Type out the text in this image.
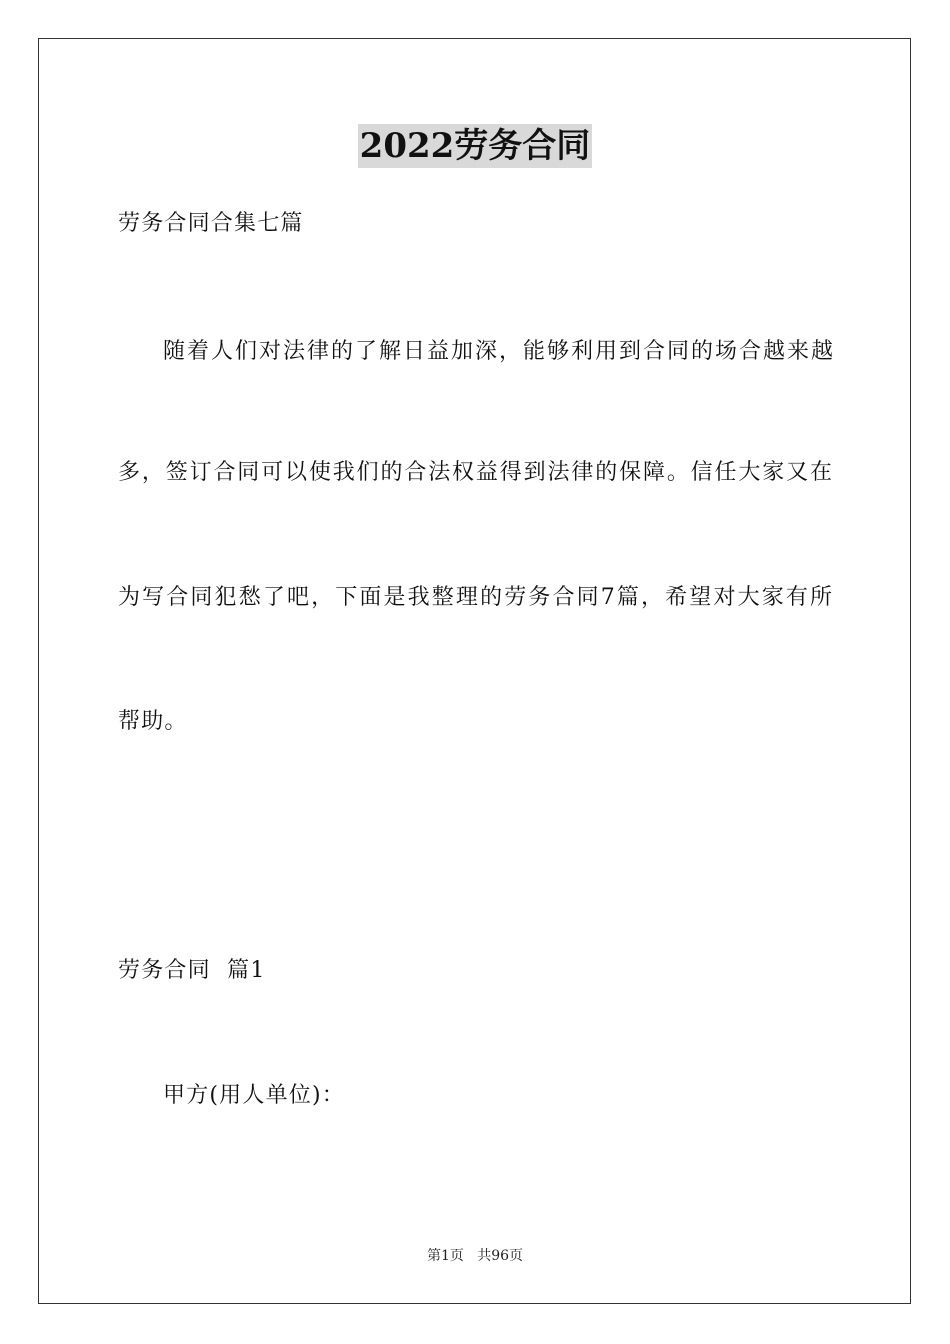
2022劳务合同
劳务合同合集七篇
随着人们对法律的了解日益加深，能够利用到合同的场合越来越
多，签订合同可以使我们的合法权益得到法律的保障。信任大家又在
为写合同犯愁了吧，下面是我整理的劳务合同7篇，希望对大家有所
帮助。
劳务合同  篇1
甲方(用人单位)：
第1页   共96页
